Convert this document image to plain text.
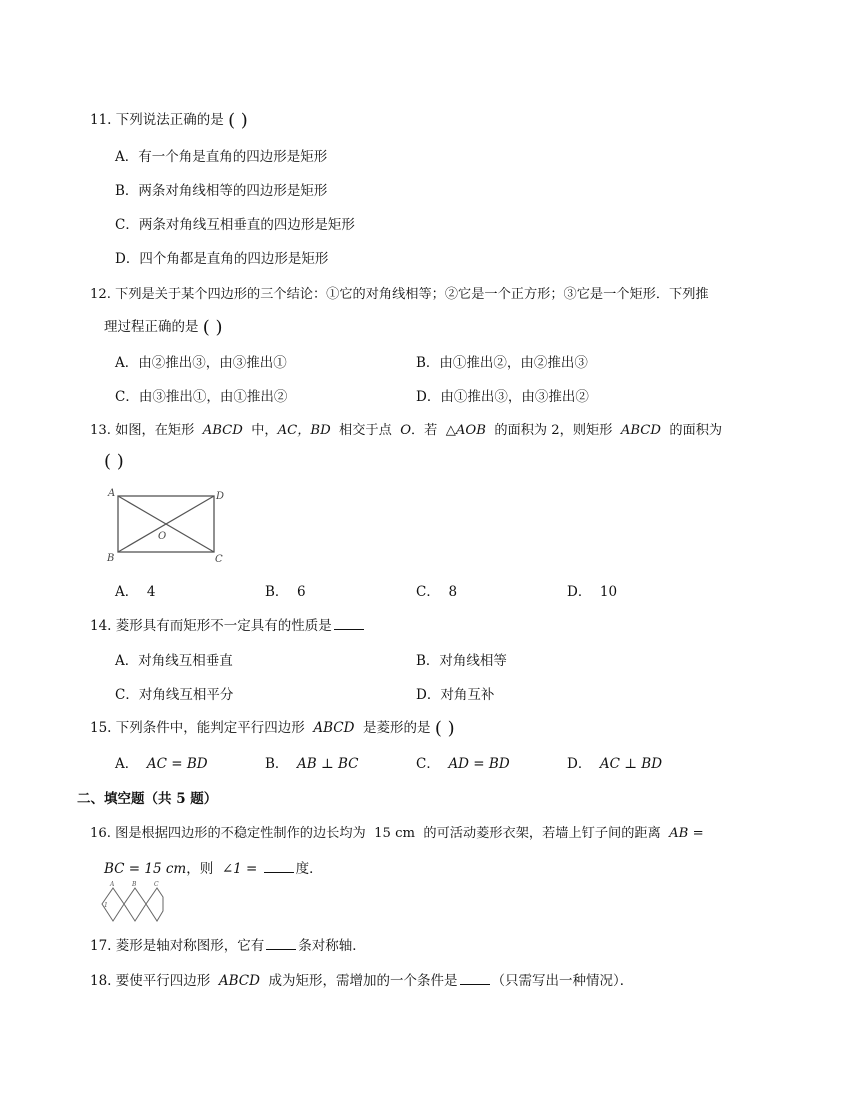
11. 下列说法正确的是 ( )
A．有一个角是直角的四边形是矩形
B．两条对角线相等的四边形是矩形
C．两条对角线互相垂直的四边形是矩形
D．四个角都是直角的四边形是矩形
12. 下列是关于某个四边形的三个结论：①它的对角线相等；②它是一个正方形；③它是一个矩形．下列推
理过程正确的是 ( )
A．由②推出③，由③推出①	B．由①推出②，由②推出③
C．由③推出①，由①推出②	D．由①推出③，由③推出②
13. 如图，在矩形 ABCD 中，AC，BD 相交于点 O．若 △AOB 的面积为 2，则矩形 ABCD 的面积为
( )
A	D
B	C
O
A． 4	B． 6	C． 8	D． 10
14. 菱形具有而矩形不一定具有的性质是
A．对角线互相垂直	B．对角线相等
C．对角线互相平分	D．对角互补
15. 下列条件中，能判定平行四边形 ABCD 是菱形的是 ( )
A． AC = BD	B． AB ⊥ BC	C． AD = BD	D． AC ⊥ BD
二、填空题（共 5 题）
16. 图是根据四边形的不稳定性制作的边长均为 15 cm 的可活动菱形衣架，若墙上钉子间的距离 AB =
BC = 15 cm，则 ∠1 =	度．
A	B	C
1
17. 菱形是轴对称图形，它有	条对称轴．
18. 要使平行四边形 ABCD 成为矩形，需增加的一个条件是	（只需写出一种情况）．
